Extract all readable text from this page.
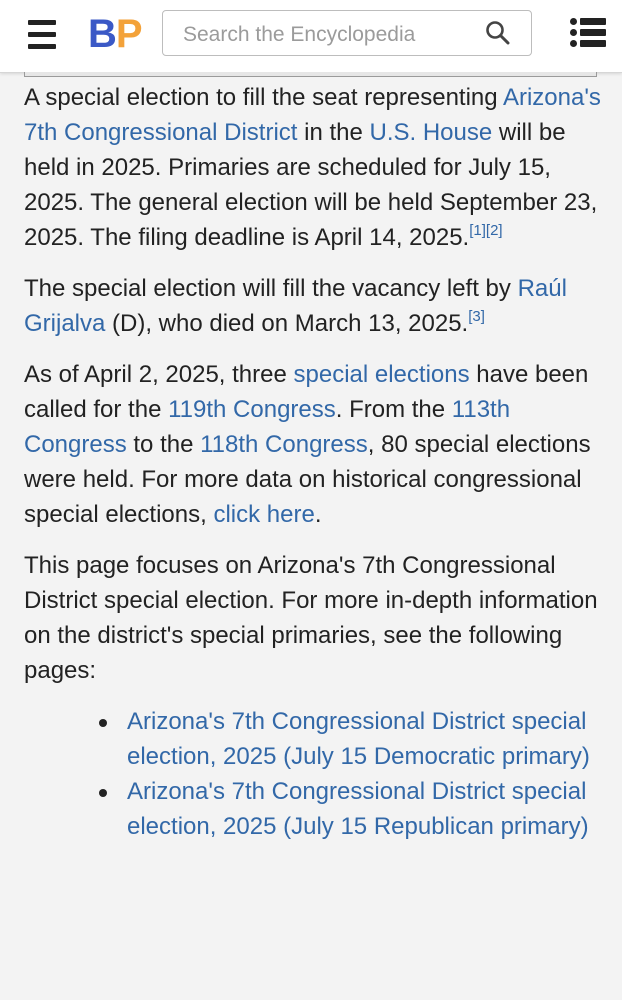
BP
Search the Encyclopedia

A special election to fill the seat representing Arizona's 7th Congressional District in the U.S. House will be held in 2025. Primaries are scheduled for July 15, 2025. The general election will be held September 23, 2025. The filing deadline is April 14, 2025.[1][2]

The special election will fill the vacancy left by Raúl Grijalva (D), who died on March 13, 2025.[3]

As of April 2, 2025, three special elections have been called for the 119th Congress. From the 113th Congress to the 118th Congress, 80 special elections were held. For more data on historical congressional special elections, click here.

This page focuses on Arizona's 7th Congressional District special election. For more in-depth information on the district's special primaries, see the following pages:

Arizona's 7th Congressional District special election, 2025 (July 15 Democratic primary)
Arizona's 7th Congressional District special election, 2025 (July 15 Republican primary)
